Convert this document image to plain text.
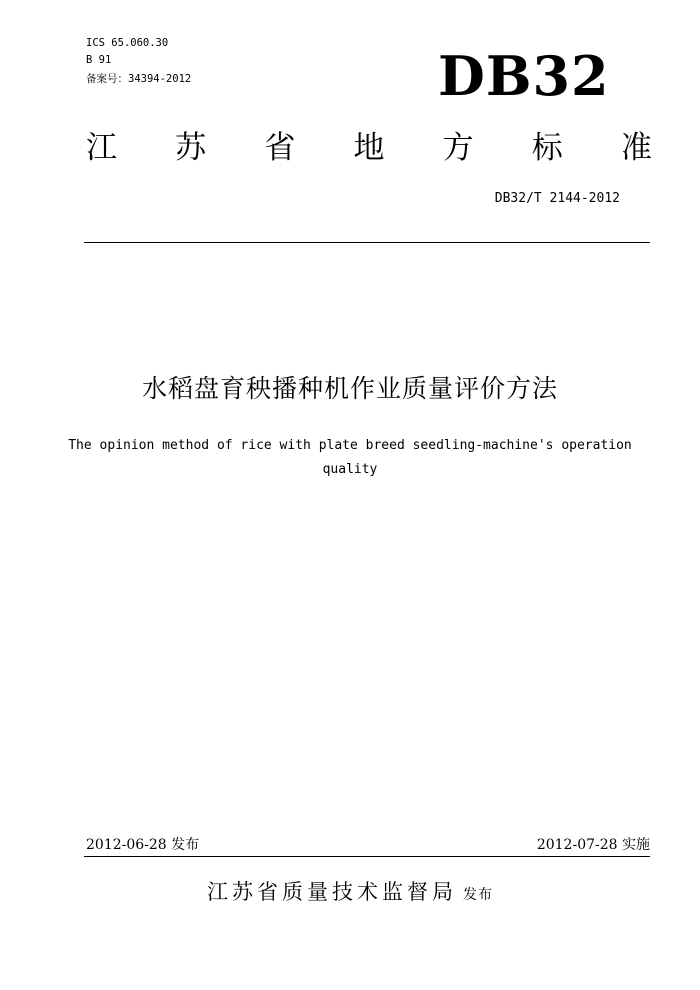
ICS 65.060.30
B 91
备案号：34394-2012	DB32
江 苏 省 地 方 标 准
DB32/T 2144-2012
水稻盘育秧播种机作业质量评价方法
The opinion method of rice with plate breed seedling-machine's operation quality
2012-06-28 发布	2012-07-28 实施
江苏省质量技术监督局 发布
